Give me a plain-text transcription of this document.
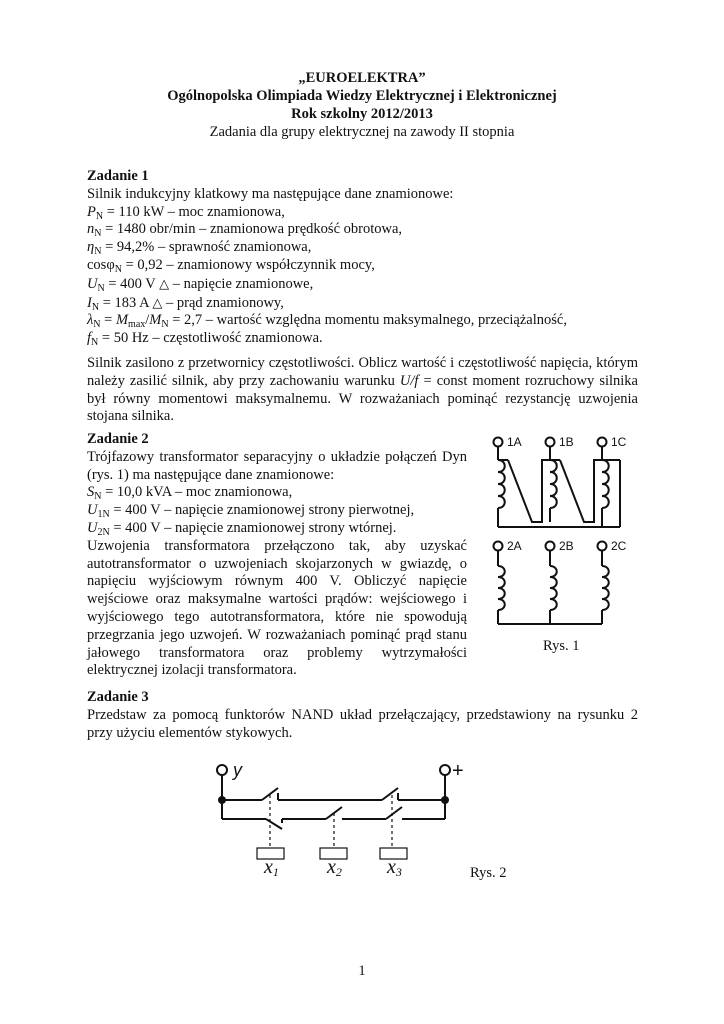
„EUROELEKTRA”
Ogólnopolska Olimpiada Wiedzy Elektrycznej i Elektronicznej
Rok szkolny 2012/2013
Zadania dla grupy elektrycznej na zawody II stopnia

Zadanie 1

Silnik indukcyjny klatkowy ma następujące dane znamionowe:

$P_N = 110$ kW – moc znamionowa,

$n_N = 1480$ obr/min – znamionowa prędkość obrotowa,

$\eta_N = 94,2\%$ – sprawność znamionowa,

cosφ$_N$ = 0,92 – znamionowy współczynnik mocy,

$U_N = 400$ V △ – napięcie znamionowe,

$I_N = 183$ A △ – prąd znamionowy,

$\lambda_N = M_{max}/M_N = 2,7$ – wartość względna momentu maksymalnego, przeciążalność,

$f_N = 50$ Hz – częstotliwość znamionowa.

Silnik zasilono z przetwornicy częstotliwości. Oblicz wartość i częstotliwość napięcia, którym należy zasilić silnik, aby przy zachowaniu warunku U/f = const moment rozruchowy silnika był równy momentowi maksymalnemu. W rozważaniach pominąć rezystancję uzwojenia stojana silnika.

Zadanie 2

Trójfazowy transformator separacyjny o układzie połączeń Dyn (rys. 1) ma następujące dane znamionowe:

$S_N = 10,0$ kVA – moc znamionowa,

$U_{1N} = 400$ V – napięcie znamionowej strony pierwotnej,

$U_{2N} = 400$ V – napięcie znamionowej strony wtórnej.

Uzwojenia transformatora przełączono tak, aby uzyskać autotransformator o uzwojeniach skojarzonych w gwiazdę, o napięciu wyjściowym równym 400 V. Obliczyć napięcie wejściowe oraz maksymalne wartości prądów: wejściowego i wyjściowego tego autotransformatora, które nie spowodują przegrzania jego uzwojeń. W rozważaniach pominąć prąd stanu jałowego transformatora oraz problemy wytrzymałości elektrycznej izolacji transformatora.

1A	1B	1C
2A	2B	2C
Rys. 1

Zadanie 3

Przedstaw za pomocą funktorów NAND układ przełączający, przedstawiony na rysunku 2 przy użyciu elementów stykowych.

y	+
$x_1$ $x_2$ $x_3$	Rys. 2
1
